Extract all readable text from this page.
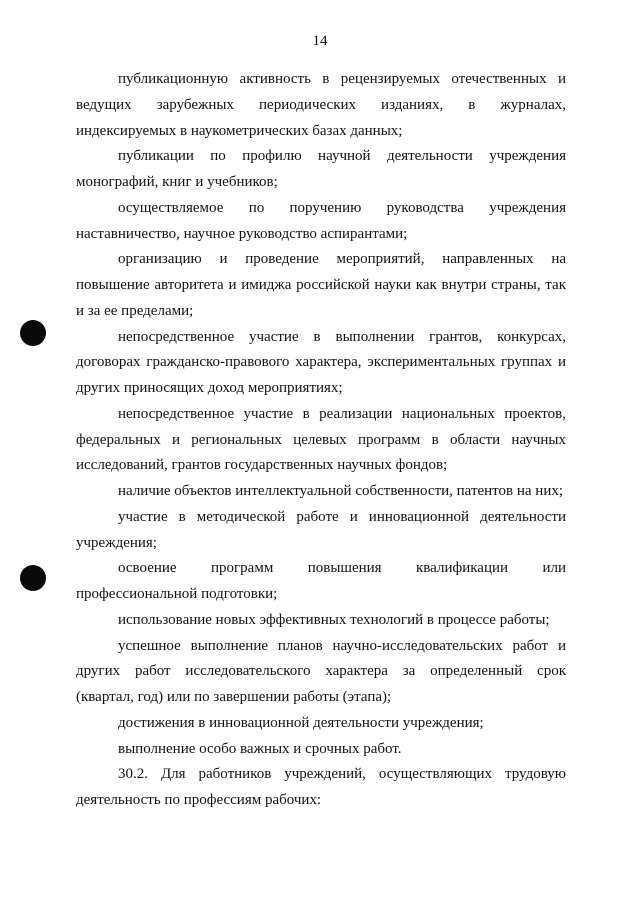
14
публикационную активность в рецензируемых отечественных и
ведущих зарубежных периодических изданиях, в журналах,
индексируемых в наукометрических базах данных;
публикации по профилю научной деятельности учреждения
монографий, книг и учебников;
осуществляемое по поручению руководства учреждения
наставничество, научное руководство аспирантами;
организацию и проведение мероприятий, направленных на
повышение авторитета и имиджа российской науки как внутри страны, так
и за ее пределами;
непосредственное участие в выполнении грантов, конкурсах,
договорах гражданско-правового характера, экспериментальных группах и
других приносящих доход мероприятиях;
непосредственное участие в реализации национальных проектов,
федеральных и региональных целевых программ в области научных
исследований, грантов государственных научных фондов;
наличие объектов интеллектуальной собственности, патентов на них;
участие в методической работе и инновационной деятельности
учреждения;
освоение программ повышения квалификации или
профессиональной подготовки;
использование новых эффективных технологий в процессе работы;
успешное выполнение планов научно-исследовательских работ и
других работ исследовательского характера за определенный срок
(квартал, год) или по завершении работы (этапа);
достижения в инновационной деятельности учреждения;
выполнение особо важных и срочных работ.
30.2. Для работников учреждений, осуществляющих трудовую
деятельность по профессиям рабочих:
